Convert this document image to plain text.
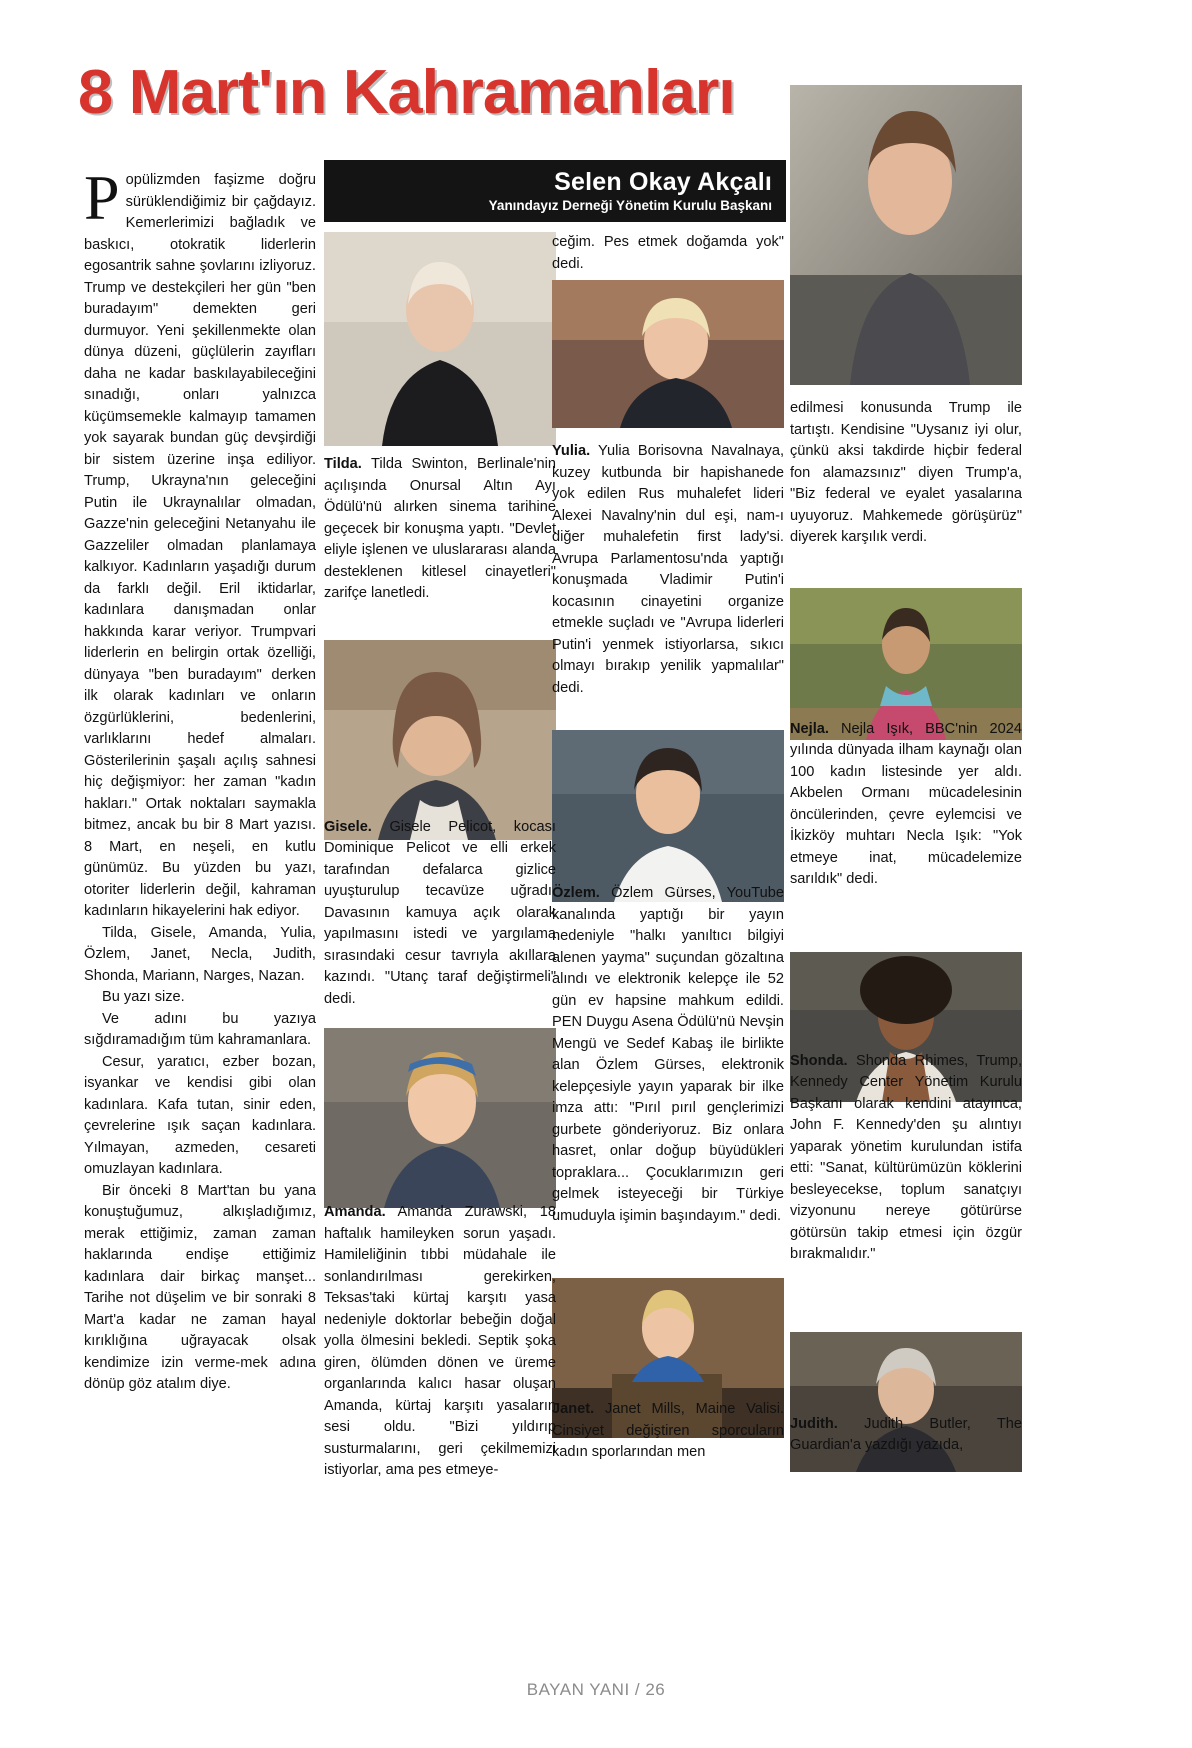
8 Mart'ın Kahramanları
Selen Okay Akçalı
Yanındayız Derneği Yönetim Kurulu Başkanı

Popülizmden faşizme doğru sürüklendiğimiz bir çağdayız. Kemerlerimizi bağladık ve baskıcı, otokratik liderlerin egosantrik sahne şovlarını izliyoruz. Trump ve destekçileri her gün "ben buradayım" demekten geri durmuyor. Yeni şekillenmekte olan dünya düzeni, güçlülerin zayıfları daha ne kadar baskılayabileceğini sınadığı, onları yalnızca küçümsemekle kalmayıp tamamen yok sayarak bundan güç devşirdiği bir sistem üzerine inşa ediliyor. Trump, Ukrayna'nın geleceğini Putin ile Ukraynalılar olmadan, Gazze'nin geleceğini Netanyahu ile Gazzeliler olmadan planlamaya kalkıyor. Kadınların yaşadığı durum da farklı değil. Eril iktidarlar, kadınlara danışmadan onlar hakkında karar veriyor. Trumpvari liderlerin en belirgin ortak özelliği, dünyaya "ben buradayım" derken ilk olarak kadınları ve onların özgürlüklerini, bedenlerini, varlıklarını hedef almaları. Gösterilerinin şaşalı açılış sahnesi hiç değişmiyor: her zaman "kadın hakları." Ortak noktaları saymakla bitmez, ancak bu bir 8 Mart yazısı. 8 Mart, en neşeli, en kutlu günümüz. Bu yüzden bu yazı, otoriter liderlerin değil, kahraman kadınların hikayelerini hak ediyor.

Tilda, Gisele, Amanda, Yulia, Özlem, Janet, Necla, Judith, Shonda, Mariann, Narges, Nazan.

Bu yazı size.

Ve adını bu yazıya sığdıramadığım tüm kahramanlara.

Cesur, yaratıcı, ezber bozan, isyankar ve kendisi gibi olan kadınlara. Kafa tutan, sinir eden, çevrelerine ışık saçan kadınlara. Yılmayan, azmeden, cesareti omuzlayan kadınlara.

Bir önceki 8 Mart'tan bu yana konuştuğumuz, alkışladığımız, merak ettiğimiz, zaman zaman haklarında endişe ettiğimiz kadınlara dair birkaç manşet... Tarihe not düşelim ve bir sonraki 8 Mart'a kadar ne zaman hayal kırıklığına uğrayacak olsak kendimize izin verme-mek adına dönüp göz atalım diye.

Tilda. Tilda Swinton, Berlinale'nin açılışında Onursal Altın Ayı Ödülü'nü alırken sinema tarihine geçecek bir konuşma yaptı. "Devlet eliyle işlenen ve uluslararası alanda desteklenen kitlesel cinayetleri" zarifçe lanetledi.

Gisele. Gisele Pelicot, kocası Dominique Pelicot ve elli erkek tarafından defalarca gizlice uyuşturulup tecavüze uğradı. Davasının kamuya açık olarak yapılmasını istedi ve yargılama sırasındaki cesur tavrıyla akıllara kazındı. "Utanç taraf değiştirmeli" dedi.

Amanda. Amanda Zurawski, 18 haftalık hamileyken sorun yaşadı. Hamileliğinin tıbbi müdahale ile sonlandırılması gerekirken, Teksas'taki kürtaj karşıtı yasa nedeniyle doktorlar bebeğin doğal yolla ölmesini bekledi. Septik şoka giren, ölümden dönen ve üreme organlarında kalıcı hasar oluşan Amanda, kürtaj karşıtı yasaların sesi oldu. "Bizi yıldırıp susturmalarını, geri çekilmemizi istiyorlar, ama pes etmeye-

ceğim. Pes etmek doğamda yok" dedi.

Yulia. Yulia Borisovna Navalnaya, kuzey kutbunda bir hapishanede yok edilen Rus muhalefet lideri Alexei Navalny'nin dul eşi, nam-ı diğer muhalefetin first lady'si. Avrupa Parlamentosu'nda yaptığı konuşmada Vladimir Putin'i kocasının cinayetini organize etmekle suçladı ve "Avrupa liderleri Putin'i yenmek istiyorlarsa, sıkıcı olmayı bırakıp yenilik yapmalılar" dedi.

Özlem. Özlem Gürses, YouTube kanalında yaptığı bir yayın nedeniyle "halkı yanıltıcı bilgiyi alenen yayma" suçundan gözaltına alındı ve elektronik kelepçe ile 52 gün ev hapsine mahkum edildi. PEN Duygu Asena Ödülü'nü Nevşin Mengü ve Sedef Kabaş ile birlikte alan Özlem Gürses, elektronik kelepçesiyle yayın yaparak bir ilke imza attı: "Pırıl pırıl gençlerimizi gurbete gönderiyoruz. Biz onlara hasret, onlar doğup büyüdükleri topraklara... Çocuklarımızın geri gelmek isteyeceği bir Türkiye umuduyla işimin başındayım." dedi.

Janet. Janet Mills, Maine Valisi. Cinsiyet değiştiren sporcuların kadın sporlarından men

edilmesi konusunda Trump ile tartıştı. Kendisine "Uysanız iyi olur, çünkü aksi takdirde hiçbir federal fon alamazsınız" diyen Trump'a, "Biz federal ve eyalet yasalarına uyuyoruz. Mahkemede görüşürüz" diyerek karşılık verdi.

Nejla. Nejla Işık, BBC'nin 2024 yılında dünyada ilham kaynağı olan 100 kadın listesinde yer aldı. Akbelen Ormanı mücadelesinin öncülerinden, çevre eylemcisi ve İkizköy muhtarı Necla Işık: "Yok etmeye inat, mücadelemize sarıldık" dedi.

Shonda. Shonda Rhimes, Trump, Kennedy Center Yönetim Kurulu Başkanı olarak kendini atayınca, John F. Kennedy'den şu alıntıyı yaparak yönetim kurulundan istifa etti: "Sanat, kültürümüzün köklerini besleyecekse, toplum sanatçıyı vizyonunu nereye götürürse götürsün takip etmesi için özgür bırakmalıdır."

Judith. Judith Butler, The Guardian'a yazdığı yazıda,

BAYAN YANI / 26
